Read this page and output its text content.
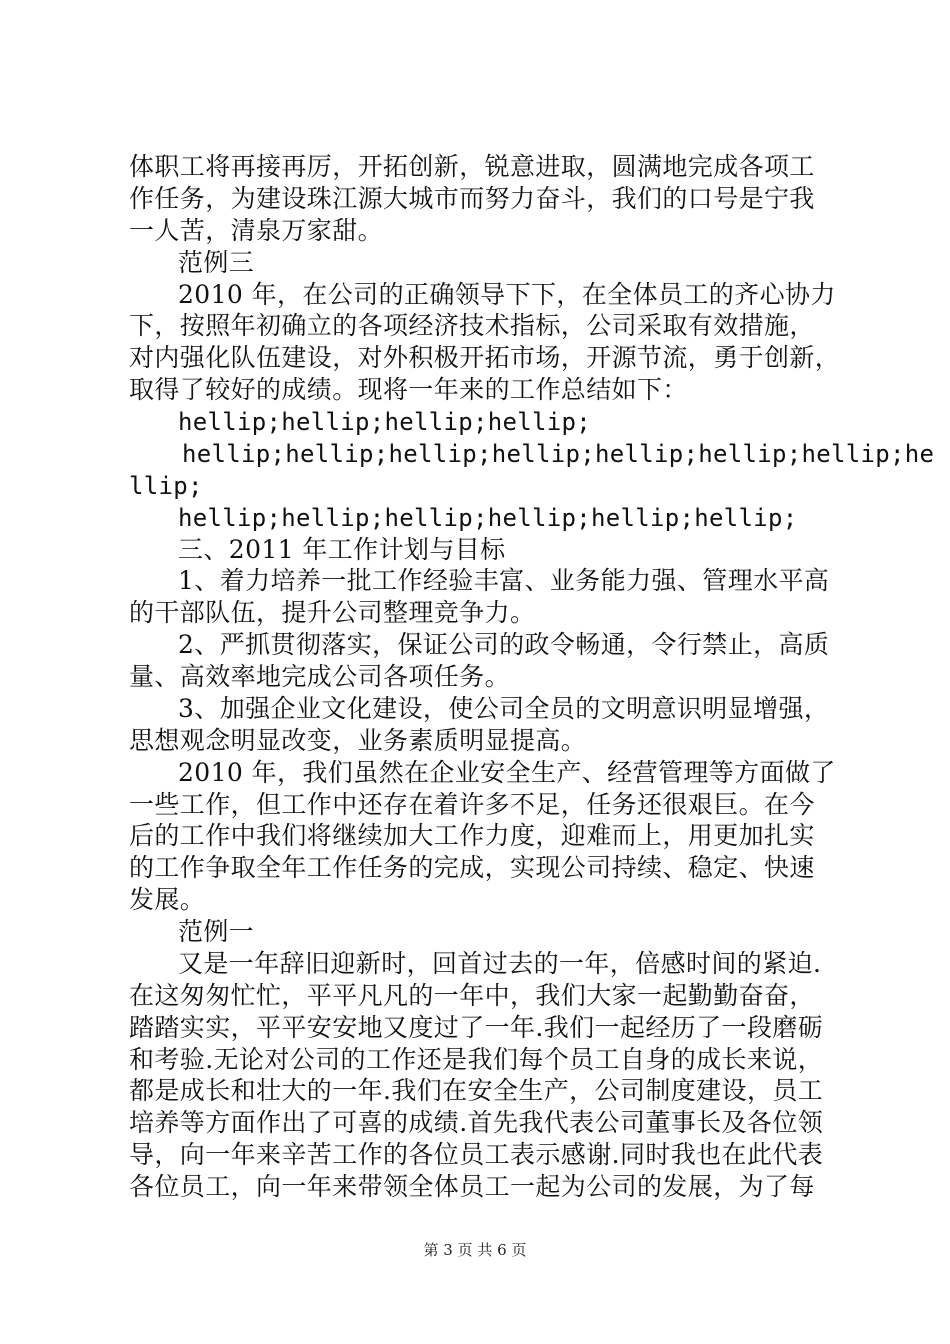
体职工将再接再厉，开拓创新，锐意进取，圆满地完成各项工
作任务，为建设珠江源大城市而努力奋斗，我们的口号是宁我
一人苦，清泉万家甜。
范例三
2010 年，在公司的正确领导下下，在全体员工的齐心协力
下，按照年初确立的各项经济技术指标，公司采取有效措施，
对内强化队伍建设，对外积极开拓市场，开源节流，勇于创新，
取得了较好的成绩。现将一年来的工作总结如下：
hellip;hellip;hellip;hellip;
hellip;hellip;hellip;hellip;hellip;hellip;hellip;he
llip;
hellip;hellip;hellip;hellip;hellip;hellip;
三、2011 年工作计划与目标
1、着力培养一批工作经验丰富、业务能力强、管理水平高
的干部队伍，提升公司整理竞争力。
2、严抓贯彻落实，保证公司的政令畅通，令行禁止，高质
量、高效率地完成公司各项任务。
3、加强企业文化建设，使公司全员的文明意识明显增强，
思想观念明显改变，业务素质明显提高。
2010 年，我们虽然在企业安全生产、经营管理等方面做了
一些工作，但工作中还存在着许多不足，任务还很艰巨。在今
后的工作中我们将继续加大工作力度，迎难而上，用更加扎实
的工作争取全年工作任务的完成，实现公司持续、稳定、快速
发展。
范例一
又是一年辞旧迎新时，回首过去的一年，倍感时间的紧迫.
在这匆匆忙忙，平平凡凡的一年中，我们大家一起勤勤奋奋，
踏踏实实，平平安安地又度过了一年.我们一起经历了一段磨砺
和考验.无论对公司的工作还是我们每个员工自身的成长来说，
都是成长和壮大的一年.我们在安全生产，公司制度建设，员工
培养等方面作出了可喜的成绩.首先我代表公司董事长及各位领
导，向一年来辛苦工作的各位员工表示感谢.同时我也在此代表
各位员工，向一年来带领全体员工一起为公司的发展，为了每
第 3 页 共 6 页
